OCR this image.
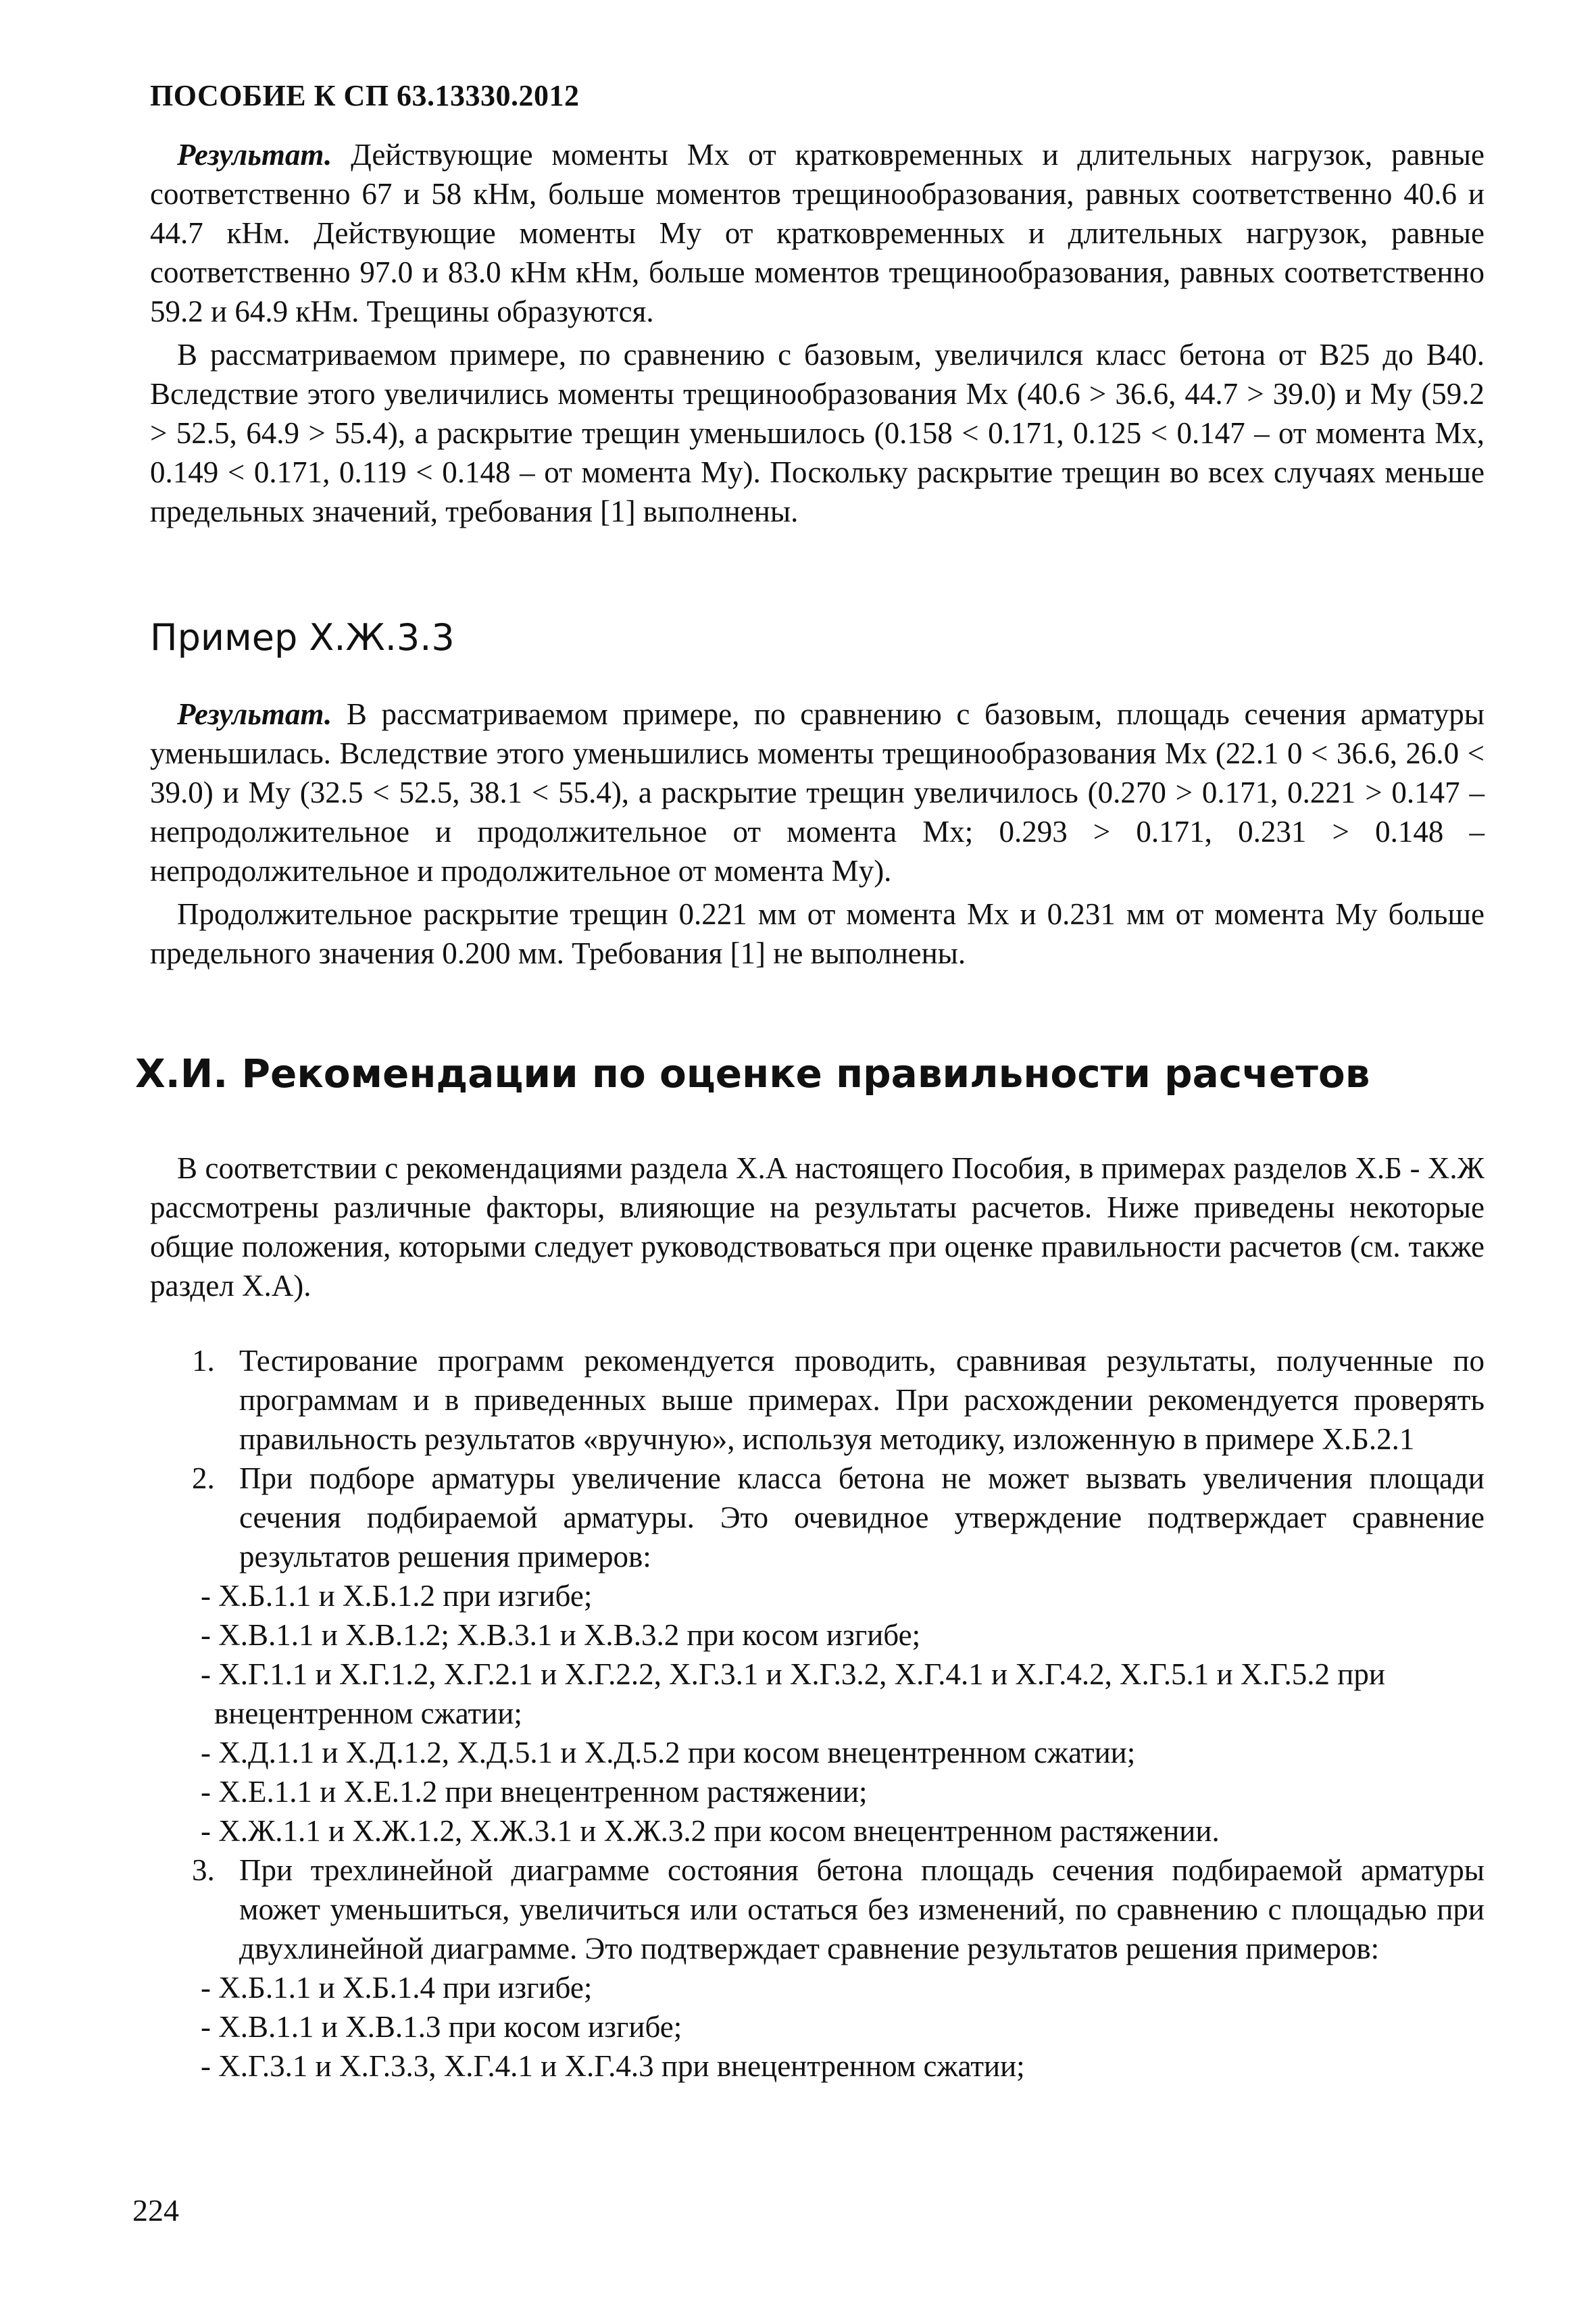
ПОСОБИЕ К СП 63.13330.2012

Результат. Действующие моменты Mx от кратковременных и длительных нагрузок, равные соответственно 67 и 58 кНм, больше моментов трещинообразования, равных соответственно 40.6 и 44.7 кНм. Действующие моменты My от кратковременных и длительных нагрузок, равные соответственно 97.0 и 83.0 кНм кНм, больше моментов трещинообразования, равных соответственно 59.2 и 64.9 кНм. Трещины образуются.

В рассматриваемом примере, по сравнению с базовым, увеличился класс бетона от В25 до В40. Вследствие этого увеличились моменты трещинообразования Mx (40.6 > 36.6, 44.7 > 39.0) и My (59.2 > 52.5, 64.9 > 55.4), а раскрытие трещин уменьшилось (0.158 < 0.171, 0.125 < 0.147 – от момента Mx, 0.149 < 0.171, 0.119 < 0.148 – от момента My). Поскольку раскрытие трещин во всех случаях меньше предельных значений, требования [1] выполнены.

Пример Х.Ж.3.3

Результат. В рассматриваемом примере, по сравнению с базовым, площадь сечения арматуры уменьшилась. Вследствие этого уменьшились моменты трещинообразования Mx (22.1 0 < 36.6, 26.0 < 39.0) и My (32.5 < 52.5, 38.1 < 55.4), а раскрытие трещин увеличилось (0.270 > 0.171, 0.221 > 0.147 – непродолжительное и продолжительное от момента Mx; 0.293 > 0.171, 0.231 > 0.148 – непродолжительное и продолжительное от момента My).

Продолжительное раскрытие трещин 0.221 мм от момента Mx и 0.231 мм от момента My больше предельного значения 0.200 мм. Требования [1] не выполнены.

Х.И. Рекомендации по оценке правильности расчетов

В соответствии с рекомендациями раздела Х.А настоящего Пособия, в примерах разделов Х.Б - Х.Ж рассмотрены различные факторы, влияющие на результаты расчетов. Ниже приведены некоторые общие положения, которыми следует руководствоваться при оценке правильности расчетов (см. также раздел Х.А).

1. Тестирование программ рекомендуется проводить, сравнивая результаты, полученные по программам и в приведенных выше примерах. При расхождении рекомендуется проверять правильность результатов «вручную», используя методику, изложенную в примере Х.Б.2.1
2. При подборе арматуры увеличение класса бетона не может вызвать увеличения площади сечения подбираемой арматуры. Это очевидное утверждение подтверждает сравнение результатов решения примеров:

- Х.Б.1.1 и Х.Б.1.2 при изгибе;

- Х.В.1.1 и Х.В.1.2; Х.В.3.1 и Х.В.3.2 при косом изгибе;

- Х.Г.1.1 и Х.Г.1.2, Х.Г.2.1 и Х.Г.2.2, Х.Г.3.1 и Х.Г.3.2, Х.Г.4.1 и Х.Г.4.2, Х.Г.5.1 и Х.Г.5.2 при внецентренном сжатии;

- Х.Д.1.1 и Х.Д.1.2, Х.Д.5.1 и Х.Д.5.2 при косом внецентренном сжатии;

- Х.Е.1.1 и Х.Е.1.2 при внецентренном растяжении;

- Х.Ж.1.1 и Х.Ж.1.2, Х.Ж.3.1 и Х.Ж.3.2 при косом внецентренном растяжении.

3. При трехлинейной диаграмме состояния бетона площадь сечения подбираемой арматуры может уменьшиться, увеличиться или остаться без изменений, по сравнению с площадью при двухлинейной диаграмме. Это подтверждает сравнение результатов решения примеров:

- Х.Б.1.1 и Х.Б.1.4 при изгибе;

- Х.В.1.1 и Х.В.1.3 при косом изгибе;

- Х.Г.3.1 и Х.Г.3.3, Х.Г.4.1 и Х.Г.4.3 при внецентренном сжатии;

224
